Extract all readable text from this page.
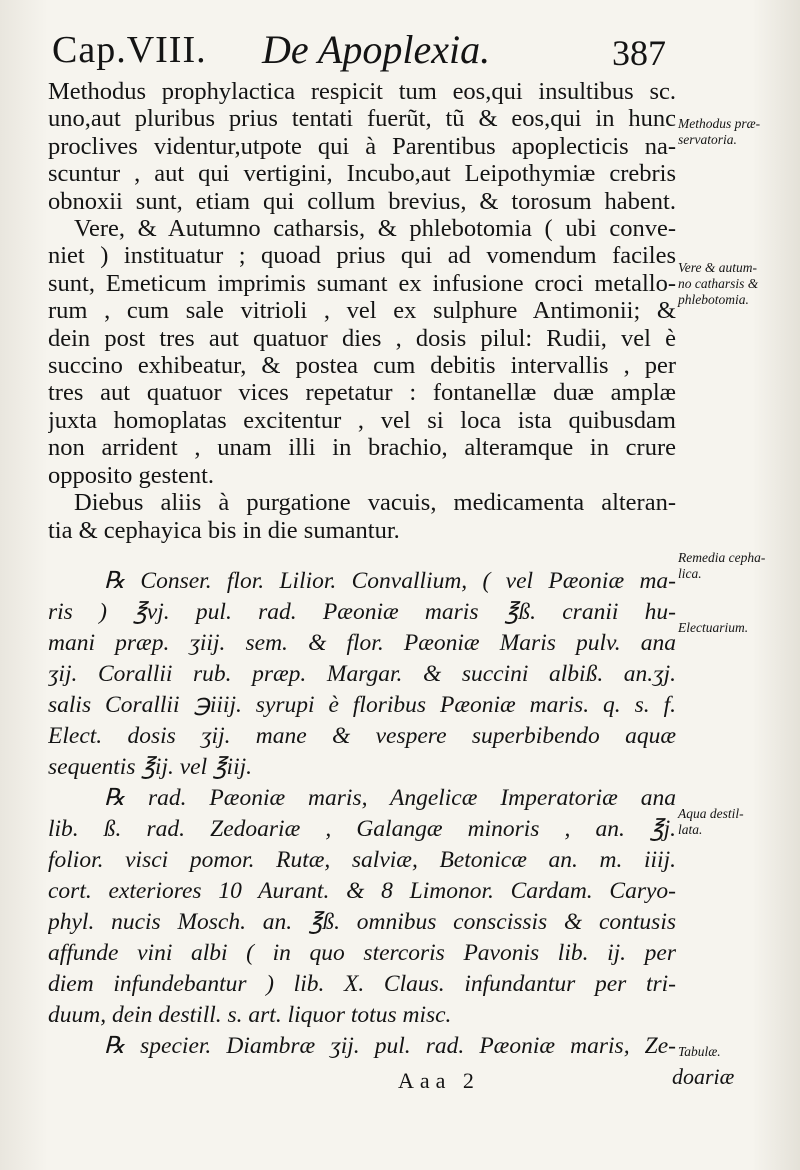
Cap.VIII. De Apoplexia.	387

Methodus prophylactica respicit tum eos,qui insultibus sc.
uno,aut pluribus prius tentati fuerũt, tũ & eos,qui in hunc
proclives videntur,utpote qui à Parentibus apoplecticis na-
scuntur , aut qui vertigini, Incubo,aut Leipothymiæ crebris
obnoxii sunt, etiam qui collum brevius, & torosum habent.

Vere, & Autumno catharsis, & phlebotomia ( ubi conve-
niet ) instituatur ; quoad prius qui ad vomendum faciles
sunt, Emeticum imprimis sumant ex infusione croci metallo-
rum , cum sale vitrioli , vel ex sulphure Antimonii; &
dein post tres aut quatuor dies , dosis pilul: Rudii, vel è
succino exhibeatur, & postea cum debitis intervallis , per
tres aut quatuor vices repetatur : fontanellæ duæ amplæ
juxta homoplatas excitentur , vel si loca ista quibusdam
non arrident , unam illi in brachio, alteramque in crure
opposito gestent.

Diebus aliis à purgatione vacuis, medicamenta alteran-
tia & cephayica bis in die sumantur.

℞ Conser. flor. Lilior. Convallium, ( vel Pæoniæ ma-
ris ) ℥vj. pul. rad. Pæoniæ maris ℥ß. cranii hu-
mani præp. ʒiij. sem. & flor. Pæoniæ Maris pulv. ana
ʒij. Corallii rub. præp. Margar. & succini albiß. an.ʒj.
salis Corallii ℈iiij. syrupi è floribus Pæoniæ maris. q. s. f.
Elect. dosis ʒij. mane & vespere superbibendo aquæ
sequentis ℥ij. vel ℥iij.

℞ rad. Pæoniæ maris, Angelicæ Imperatoriæ ana
lib. ß. rad. Zedoariæ , Galangæ minoris , an. ℥j.
folior. visci pomor. Rutæ, salviæ, Betonicæ an. m. iiij.
cort. exteriores 10 Aurant. & 8 Limonor. Cardam. Caryo-
phyl. nucis Mosch. an. ℥ß. omnibus conscissis & contusis
affunde vini albi ( in quo stercoris Pavonis lib. ij. per
diem infundebantur ) lib. X. Claus. infundantur per tri-
duum, dein destill. s. art. liquor totus misc.

℞ specier. Diambræ ʒij. pul. rad. Pæoniæ maris, Ze-

Methodus præ-
servatoria.
Vere & autum-
no catharsis &
phlebotomia.
Remedia cepha-
lica.
Electuarium.
Aqua destil-
lata.
Tabulæ.
Aaa 2	doariæ
